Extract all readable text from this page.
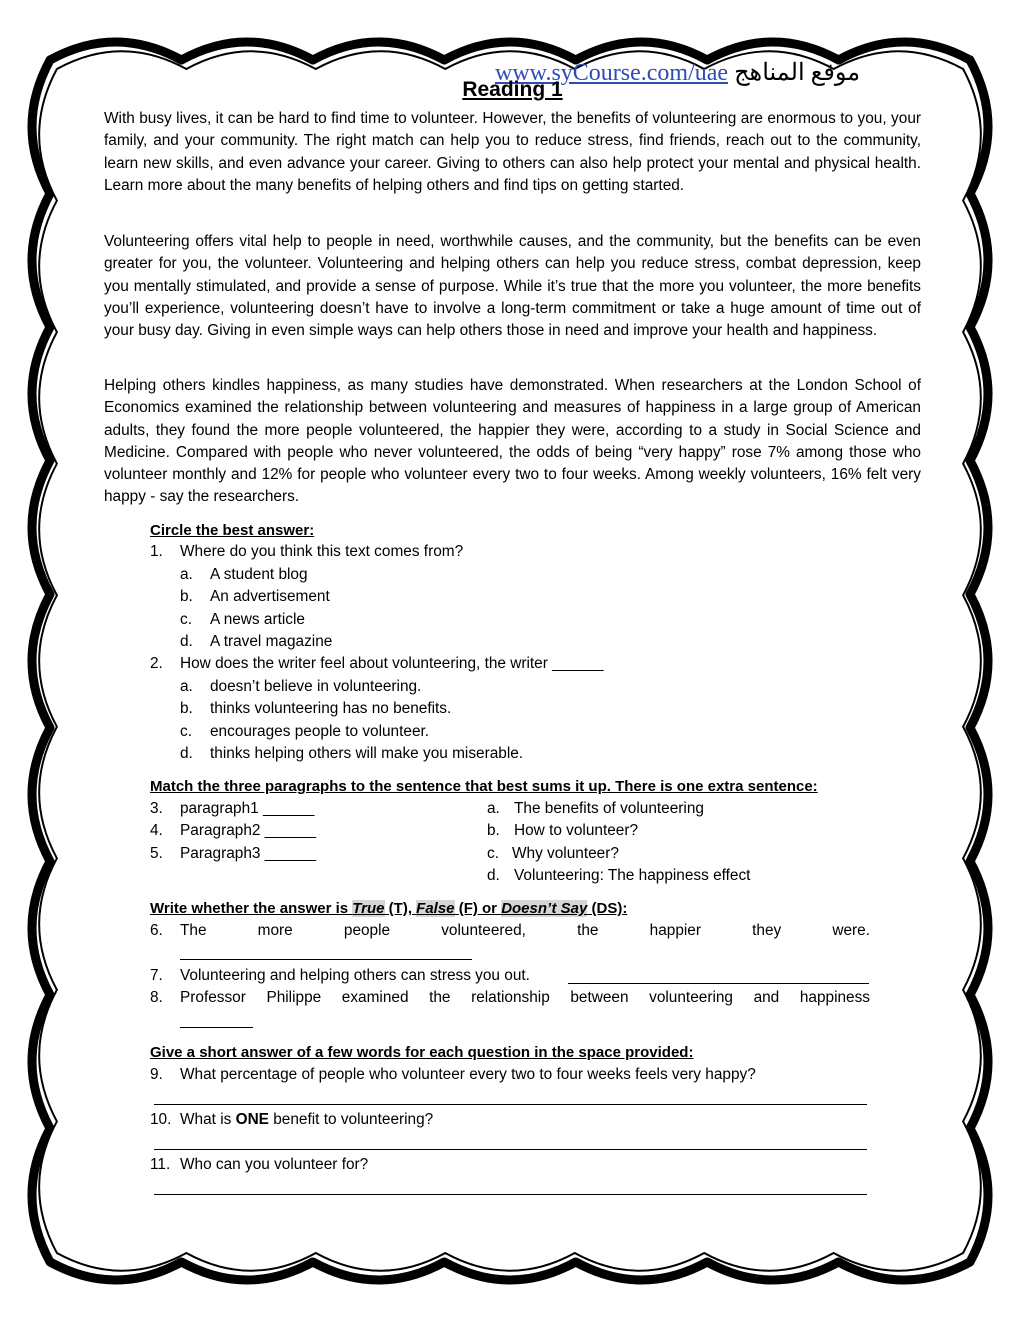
www.syCourse.com/uae موقع المناهج
Reading 1
With busy lives, it can be hard to find time to volunteer. However, the benefits of volunteering are enormous to you, your family, and your community. The right match can help you to reduce stress, find friends, reach out to the community, learn new skills, and even advance your career. Giving to others can also help protect your mental and physical health. Learn more about the many benefits of helping others and find tips on getting started.
Volunteering offers vital help to people in need, worthwhile causes, and the community, but the benefits can be even greater for you, the volunteer. Volunteering and helping others can help you reduce stress, combat depression, keep you mentally stimulated, and provide a sense of purpose. While it’s true that the more you volunteer, the more benefits you’ll experience, volunteering doesn’t have to involve a long-term commitment or take a huge amount of time out of your busy day. Giving in even simple ways can help others those in need and improve your health and happiness.
Helping others kindles happiness, as many studies have demonstrated. When researchers at the London School of Economics examined the relationship between volunteering and measures of happiness in a large group of American adults, they found the more people volunteered, the happier they were, according to a study in Social Science and Medicine. Compared with people who never volunteered, the odds of being “very happy” rose 7% among those who volunteer monthly and 12% for people who volunteer every two to four weeks. Among weekly volunteers, 16% felt very happy - say the researchers.
Circle the best answer:
1. Where do you think this text comes from?
a. A student blog
b. An advertisement
c. A news article
d. A travel magazine
2. How does the writer feel about volunteering, the writer ______
a. doesn’t believe in volunteering.
b. thinks volunteering has no benefits.
c. encourages people to volunteer.
d. thinks helping others will make you miserable.
Match the three paragraphs to the sentence that best sums it up. There is one extra sentence:
3. paragraph1 ______
4. Paragraph2 ______
5. Paragraph3 ______
a. The benefits of volunteering
b. How to volunteer?
c. Why volunteer?
d. Volunteering: The happiness effect
Write whether the answer is True (T), False (F) or Doesn’t Say (DS):
6. The more people volunteered, the happier they were.
7. Volunteering and helping others can stress you out.
8. Professor Philippe examined the relationship between volunteering and happiness
Give a short answer of a few words for each question in the space provided:
9. What percentage of people who volunteer every two to four weeks feels very happy?
10. What is ONE benefit to volunteering?
11. Who can you volunteer for?
